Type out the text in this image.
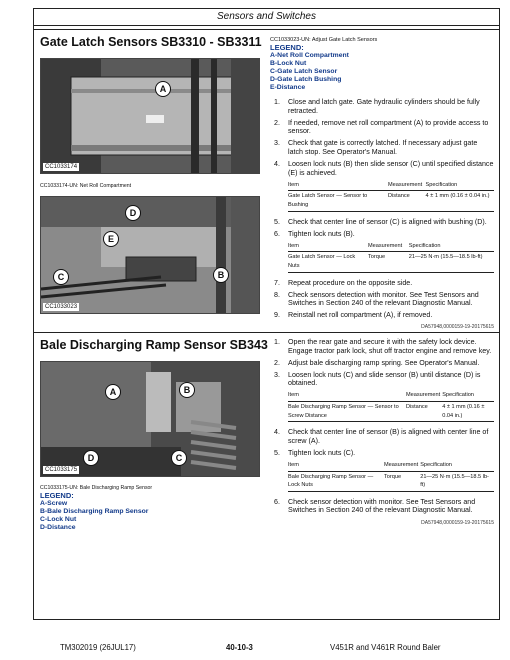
Sensors and Switches
Gate Latch Sensors SB3310 - SB3311
A
CC1033174
CC1033174-UN: Net Roll Compartment
D
E
C	B
CC1033023
CC1033023-UN: Adjust Gate Latch Sensors
LEGEND:
A-Net Roll Compartment
B-Lock Nut
C-Gate Latch Sensor
D-Gate Latch Bushing
E-Distance
1. Close and latch gate. Gate hydraulic cylinders should be fully retracted.
2. If needed, remove net roll compartment (A) to provide access to sensor.
3. Check that gate is correctly latched. If necessary adjust gate latch stop. See Operator's Manual.
4. Loosen lock nuts (B) then slide sensor (C) until specified distance (E) is achieved.
Item	Measurement	Specification
Gate Latch Sensor — Sensor to Bushing	Distance	4 ± 1 mm (0.16 ± 0.04 in.)
5. Check that center line of sensor (C) is aligned with bushing (D).
6. Tighten lock nuts (B).
Item	Measurement	Specification
Gate Latch Sensor — Lock Nuts	Torque	21—25 N·m (15.5—18.5 lb-ft)
7. Repeat procedure on the opposite side.
8. Check sensors detection with monitor. See Test Sensors and Switches in Section 240 of the relevant Diagnostic Manual.
9. Reinstall net roll compartment (A), if removed.
DA57948,0000159-19-20175615
Bale Discharging Ramp Sensor SB343
A	B
D	C
CC1033175
CC1033175-UN: Bale Discharging Ramp Sensor
LEGEND:
A-Screw
B-Bale Discharging Ramp Sensor
C-Lock Nut
D-Distance
1. Open the rear gate and secure it with the safety lock device. Engage tractor park lock, shut off tractor engine and remove key.
2. Adjust bale discharging ramp spring. See Operator's Manual.
3. Loosen lock nuts (C) and slide sensor (B) until distance (D) is obtained.
Item	Measurement	Specification
Bale Discharging Ramp Sensor — Sensor to Screw Distance	Distance	4 ± 1 mm (0.16 ± 0.04 in.)
4. Check that center line of sensor (B) is aligned with center line of screw (A).
5. Tighten lock nuts (C).
Item	Measurement	Specification
Bale Discharging Ramp Sensor — Lock Nuts	Torque	21—25 N·m (15.5—18.5 lb-ft)
6. Check sensor detection with monitor. See Test Sensors and Switches in Section 240 of the relevant Diagnostic Manual.
DA57948,0000159-19-20175615
TM302019 (26JUL17)	40-10-3	V451R and V461R Round Baler
